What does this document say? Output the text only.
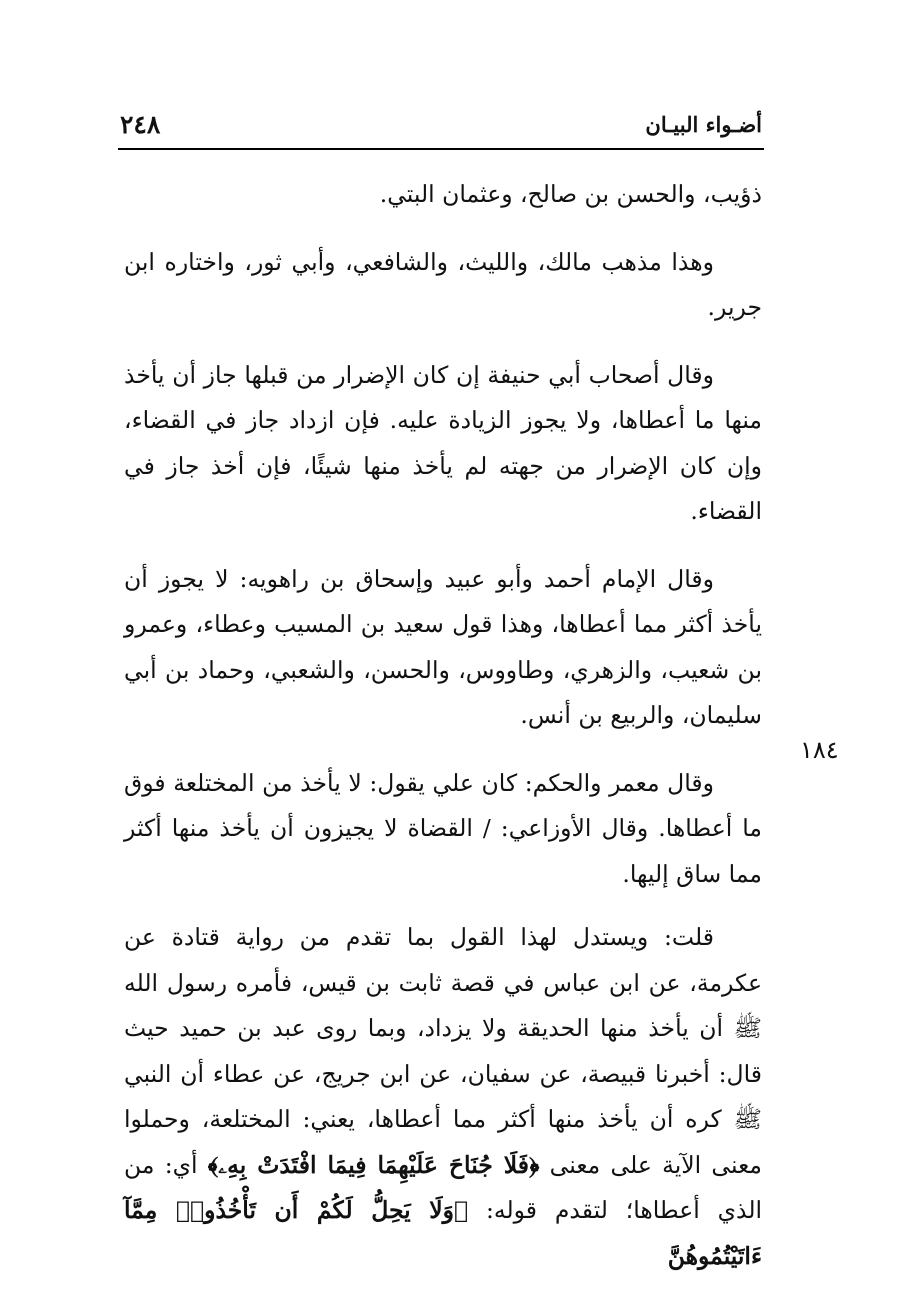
٢٤٨	أضـواء البيـان
١٨٤

ذؤيب، والحسن بن صالح، وعثمان البتي.

وهذا مذهب مالك، والليث، والشافعي، وأبي ثور، واختاره ابن جرير.

وقال أصحاب أبي حنيفة إن كان الإضرار من قبلها جاز أن يأخذ منها ما أعطاها، ولا يجوز الزيادة عليه. فإن ازداد جاز في القضاء، وإن كان الإضرار من جهته لم يأخذ منها شيئًا، فإن أخذ جاز في القضاء.

وقال الإمام أحمد وأبو عبيد وإسحاق بن راهويه: لا يجوز أن يأخذ أكثر مما أعطاها، وهذا قول سعيد بن المسيب وعطاء، وعمرو بن شعيب، والزهري، وطاووس، والحسن، والشعبي، وحماد بن أبي سليمان، والربيع بن أنس.

وقال معمر والحكم: كان علي يقول: لا يأخذ من المختلعة فوق ما أعطاها. وقال الأوزاعي: / القضاة لا يجيزون أن يأخذ منها أكثر مما ساق إليها.

قلت: ويستدل لهذا القول بما تقدم من رواية قتادة عن عكرمة، عن ابن عباس في قصة ثابت بن قيس، فأمره رسول الله ﷺ أن يأخذ منها الحديقة ولا يزداد، وبما روى عبد بن حميد حيث قال: أخبرنا قبيصة، عن سفيان، عن ابن جريج، عن عطاء أن النبي ﷺ كره أن يأخذ منها أكثر مما أعطاها، يعني: المختلعة، وحملوا معنى الآية على معنى ﴿فَلَا جُنَاحَ عَلَيْهِمَا فِيمَا افْتَدَتْ بِهِۦ﴾ أي: من الذي أعطاها؛ لتقدم قوله: ﴿وَلَا يَحِلُّ لَكُمْ أَن تَأْخُذُوا۟ مِمَّآ ءَاتَيْتُمُوهُنَّ
